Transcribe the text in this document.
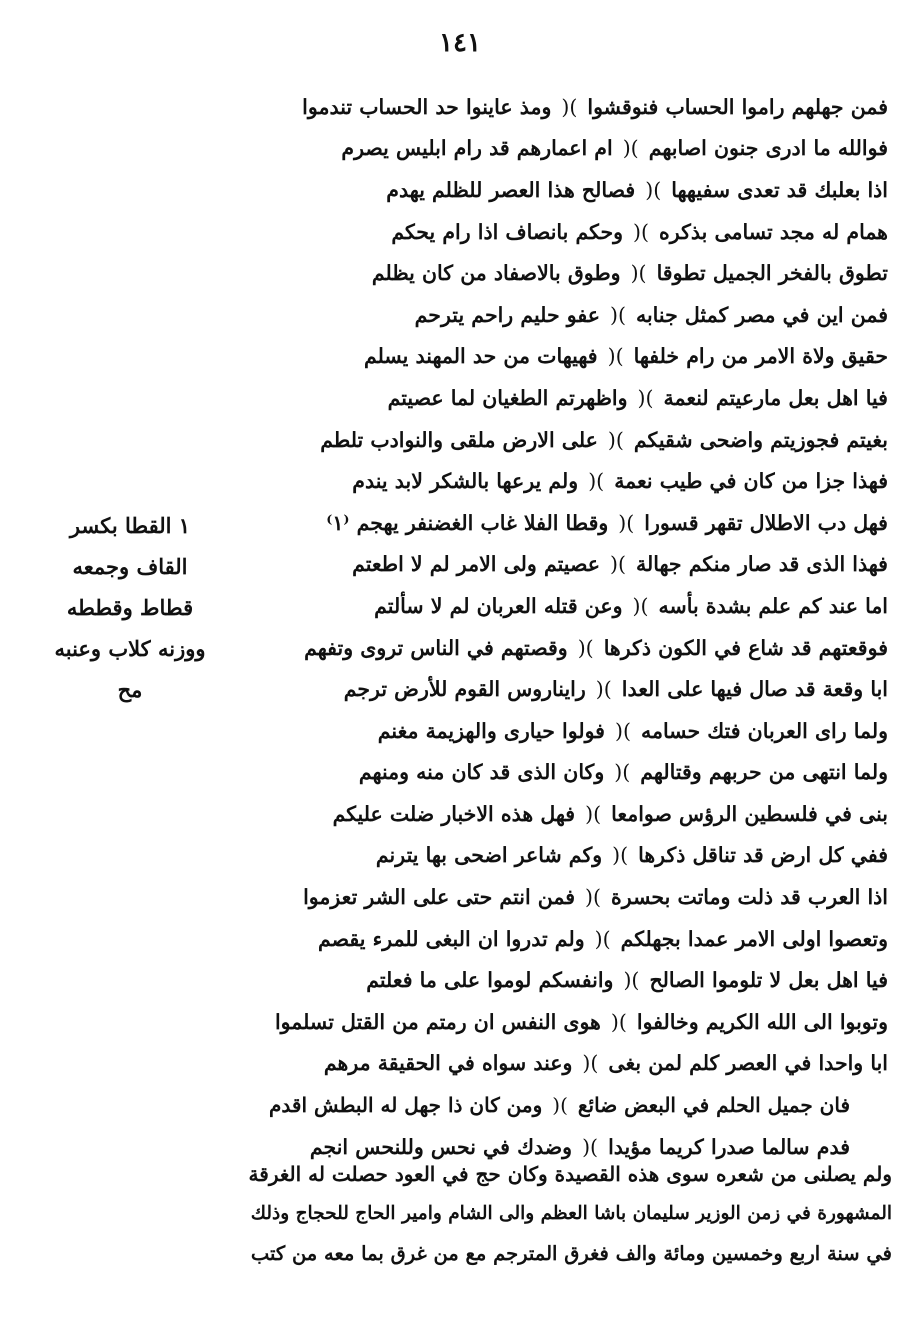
١٤١
فمن جهلهم راموا الحساب فنوقشوا
)(
ومذ عاينوا حد الحساب تندموا
فوالله ما ادرى جنون اصابهم
)(
ام اعمارهم قد رام ابليس يصرم
اذا بعلبك قد تعدى سفيهها
)(
فصالح هذا العصر للظلم يهدم
همام له مجد تسامى بذكره
)(
وحكم بانصاف اذا رام يحكم
تطوق بالفخر الجميل تطوقا
)(
وطوق بالاصفاد من كان يظلم
فمن اين في مصر كمثل جنابه
)(
عفو حليم راحم يترحم
حقيق ولاة الامر من رام خلفها
)(
فهيهات من حد المهند يسلم
فيا اهل بعل مارعيتم لنعمة
)(
واظهرتم الطغيان لما عصيتم
بغيتم فجوزيتم واضحى شقيكم
)(
على الارض ملقى والنوادب تلطم
فهذا جزا من كان في طيب نعمة
)(
ولم يرعها بالشكر لابد يندم
فهل دب الاطلال تقهر قسورا
)(
وقطا الفلا غاب الغضنفر يهجم ⁽١⁾
فهذا الذى قد صار منكم جهالة
)(
عصيتم ولى الامر لم لا اطعتم
اما عند كم علم بشدة بأسه
)(
وعن قتله العربان لم لا سألتم
فوقعتهم قد شاع في الكون ذكرها
)(
وقصتهم في الناس تروى وتفهم
ابا وقعة قد صال فيها على العدا
)(
رايناروس القوم للأرض ترجم
ولما راى العربان فتك حسامه
)(
فولوا حيارى والهزيمة مغنم
ولما انتهى من حربهم وقتالهم
)(
وكان الذى قد كان منه ومنهم
بنى في فلسطين الرؤس صوامعا
)(
فهل هذه الاخبار ضلت عليكم
ففي كل ارض قد تناقل ذكرها
)(
وكم شاعر اضحى بها يترنم
اذا العرب قد ذلت وماتت بحسرة
)(
فمن انتم حتى على الشر تعزموا
وتعصوا اولى الامر عمدا بجهلكم
)(
ولم تدروا ان البغى للمرء يقصم
فيا اهل بعل لا تلوموا الصالح
)(
وانفسكم لوموا على ما فعلتم
وتوبوا الى الله الكريم وخالفوا
)(
هوى النفس ان رمتم من القتل تسلموا
ابا واحدا في العصر كلم لمن بغى
)(
وعند سواه في الحقيقة مرهم
فان جميل الحلم في البعض ضائع
)(
ومن كان ذا جهل له البطش اقدم
فدم سالما صدرا كريما مؤيدا
)(
وضدك في نحس وللنحس انجم
١ القطا بكسر
القاف وجمعه
قطاط وقططه
ووزنه كلاب وعنبه
مح
ولم يصلنى من شعره سوى هذه القصيدة وكان حج في العود حصلت له الغرقة
المشهورة في زمن الوزير سليمان باشا العظم والى الشام وامير الحاج للحجاج وذلك
في سنة اربع وخمسين ومائة والف فغرق المترجم مع من غرق بما معه من كتب
